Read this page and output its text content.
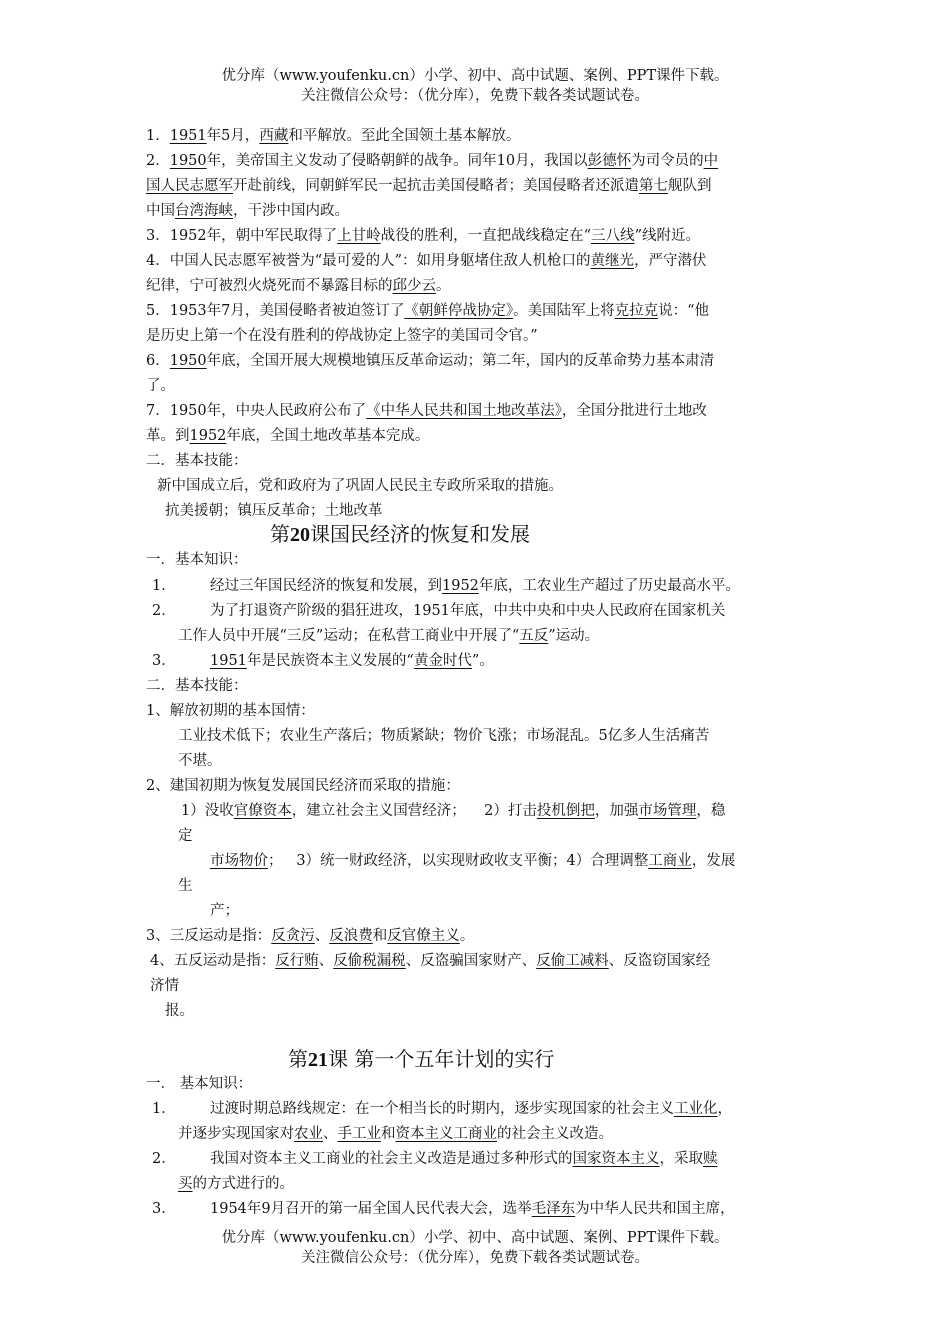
优分库（www.youfenku.cn）小学、初中、高中试题、案例、PPT课件下载。
关注微信公众号：（优分库），免费下载各类试题试卷。
1．1951年5月，西藏和平解放。至此全国领土基本解放。
2．1950年，美帝国主义发动了侵略朝鲜的战争。同年10月，我国以彭德怀为司令员的中
国人民志愿军开赴前线，同朝鲜军民一起抗击美国侵略者；美国侵略者还派遣第七舰队到
中国台湾海峡，干涉中国内政。
3．1952年，朝中军民取得了上甘岭战役的胜利，一直把战线稳定在“三八线”线附近。
4．中国人民志愿军被誉为“最可爱的人”：如用身躯堵住敌人机枪口的黄继光，严守潜伏
纪律，宁可被烈火烧死而不暴露目标的邱少云。
5．1953年7月，美国侵略者被迫签订了《朝鲜停战协定》。美国陆军上将克拉克说：“他
是历史上第一个在没有胜利的停战协定上签字的美国司令官。”
6．1950年底，全国开展大规模地镇压反革命运动；第二年，国内的反革命势力基本肃清
了。
7．1950年，中央人民政府公布了《中华人民共和国土地改革法》，全国分批进行土地改
革。到1952年底，全国土地改革基本完成。
二．基本技能：
新中国成立后，党和政府为了巩固人民民主专政所采取的措施。
抗美援朝；镇压反革命；土地改革
第20课国民经济的恢复和发展
一．基本知识：
1． 经过三年国民经济的恢复和发展，到1952年底，工农业生产超过了历史最高水平。
2． 为了打退资产阶级的猖狂进攻，1951年底，中共中央和中央人民政府在国家机关
工作人员中开展“三反”运动；在私营工商业中开展了“五反”运动。
3． 1951年是民族资本主义发展的“黄金时代”。
二．基本技能：
1、解放初期的基本国情：
工业技术低下；农业生产落后；物质紧缺；物价飞涨；市场混乱。5亿多人生活痛苦
不堪。
2、建国初期为恢复发展国民经济而采取的措施：
1）没收官僚资本，建立社会主义国营经济； 2）打击投机倒把，加强市场管理，稳
定
市场物价； 3）统一财政经济，以实现财政收支平衡；4）合理调整工商业，发展
生
产；
3、三反运动是指：反贪污、反浪费和反官僚主义。
4、五反运动是指：反行贿、反偷税漏税、反盗骗国家财产、反偷工减料、反盗窃国家经
济情
报。
第21课 第一个五年计划的实行
一． 基本知识：
1． 过渡时期总路线规定：在一个相当长的时期内，逐步实现国家的社会主义工业化，
并逐步实现国家对农业、手工业和资本主义工商业的社会主义改造。
2． 我国对资本主义工商业的社会主义改造是通过多种形式的国家资本主义，采取赎
买的方式进行的。
3． 1954年9月召开的第一届全国人民代表大会，选举毛泽东为中华人民共和国主席，
优分库（www.youfenku.cn）小学、初中、高中试题、案例、PPT课件下载。
关注微信公众号：（优分库），免费下载各类试题试卷。
